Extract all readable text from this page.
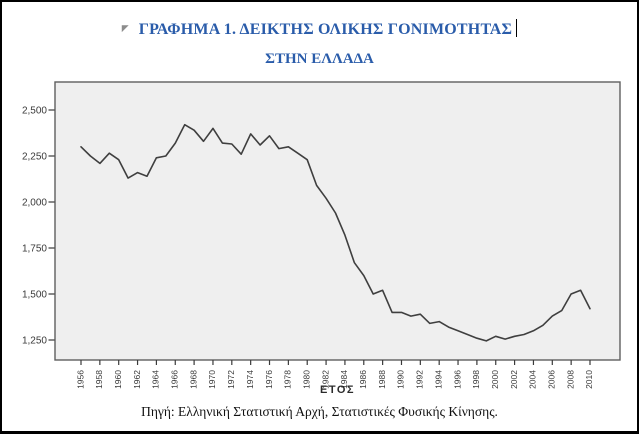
◤ ΓΡΑΦΗΜΑ 1. ΔΕΙΚΤΗΣ ΟΛΙΚΗΣ ΓΟΝΙΜΟΤΗΤΑΣ
ΣΤΗΝ ΕΛΛΑΔΑ
2,500
2,250
2,000
1,750
1,500
1,250
1956 1958 1960 1962 1964 1966 1968 1970 1972 1974 1976 1978 1980 1982 1984 1986 1988 1990 1992 1994 1996 1998 2000 2002 2004 2006 2008 2010
ΕΤΟΣ
Πηγή: Ελληνική Στατιστική Αρχή, Στατιστικές Φυσικής Κίνησης.
